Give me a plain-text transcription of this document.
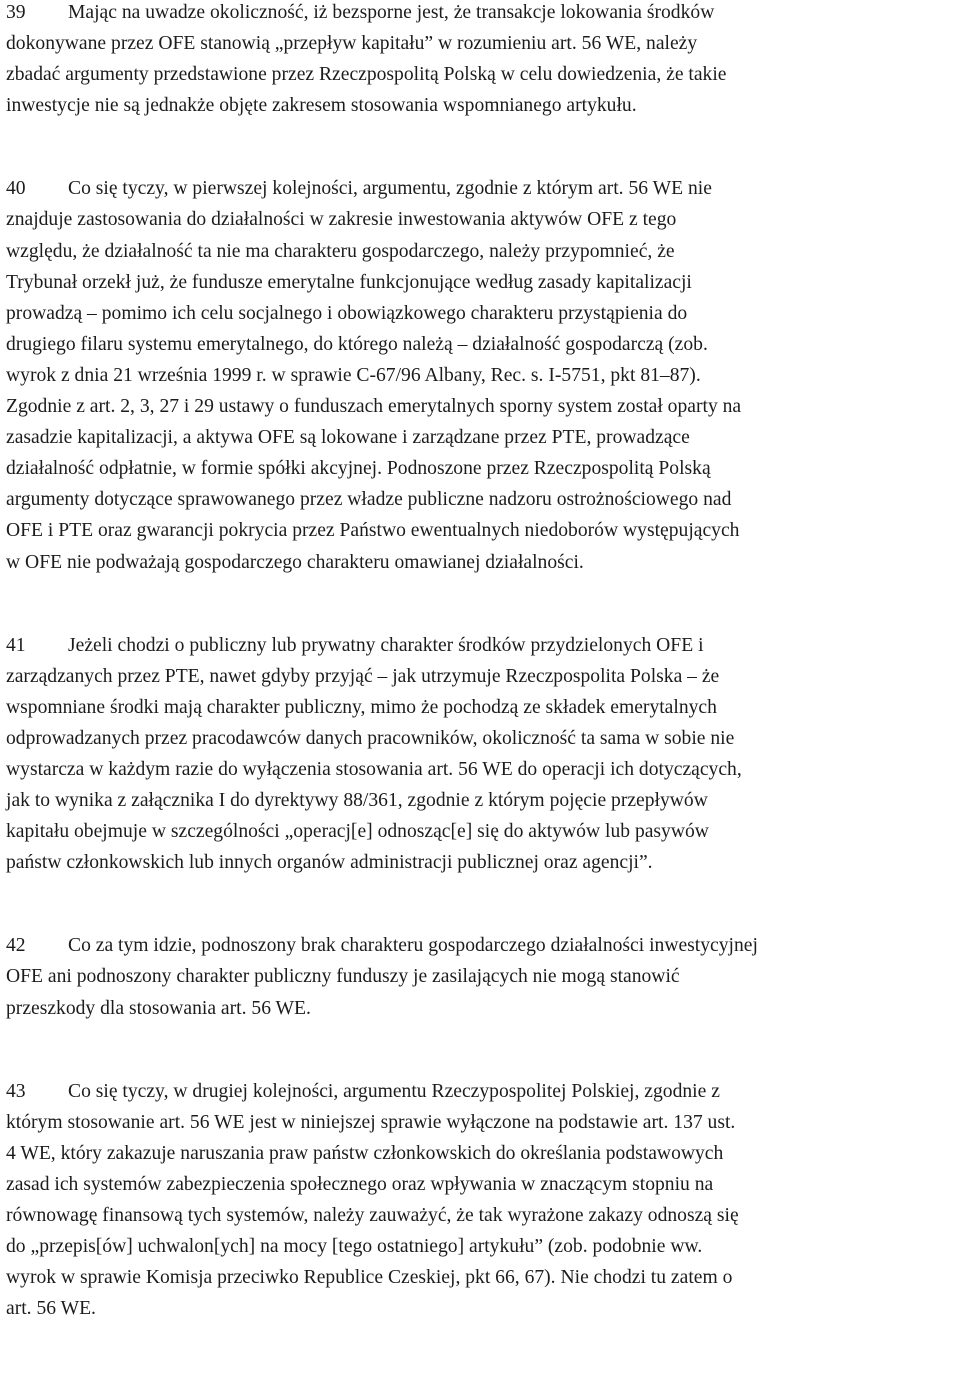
39 Mając na uwadze okoliczność, iż bezsporne jest, że transakcje lokowania środków
dokonywane przez OFE stanowią „przepływ kapitału” w rozumieniu art. 56 WE, należy
zbadać argumenty przedstawione przez Rzeczpospolitą Polską w celu dowiedzenia, że takie
inwestycje nie są jednakże objęte zakresem stosowania wspomnianego artykułu.
40 Co się tyczy, w pierwszej kolejności, argumentu, zgodnie z którym art. 56 WE nie
znajduje zastosowania do działalności w zakresie inwestowania aktywów OFE z tego
względu, że działalność ta nie ma charakteru gospodarczego, należy przypomnieć, że
Trybunał orzekł już, że fundusze emerytalne funkcjonujące według zasady kapitalizacji
prowadzą – pomimo ich celu socjalnego i obowiązkowego charakteru przystąpienia do
drugiego filaru systemu emerytalnego, do którego należą – działalność gospodarczą (zob.
wyrok z dnia 21 września 1999 r. w sprawie C‑67/96 Albany, Rec. s. I‑5751, pkt 81–87).
Zgodnie z art. 2, 3, 27 i 29 ustawy o funduszach emerytalnych sporny system został oparty na
zasadzie kapitalizacji, a aktywa OFE są lokowane i zarządzane przez PTE, prowadzące
działalność odpłatnie, w formie spółki akcyjnej. Podnoszone przez Rzeczpospolitą Polską
argumenty dotyczące sprawowanego przez władze publiczne nadzoru ostrożnościowego nad
OFE i PTE oraz gwarancji pokrycia przez Państwo ewentualnych niedoborów występujących
w OFE nie podważają gospodarczego charakteru omawianej działalności.
41 Jeżeli chodzi o publiczny lub prywatny charakter środków przydzielonych OFE i
zarządzanych przez PTE, nawet gdyby przyjąć – jak utrzymuje Rzeczpospolita Polska – że
wspomniane środki mają charakter publiczny, mimo że pochodzą ze składek emerytalnych
odprowadzanych przez pracodawców danych pracowników, okoliczność ta sama w sobie nie
wystarcza w każdym razie do wyłączenia stosowania art. 56 WE do operacji ich dotyczących,
jak to wynika z załącznika I do dyrektywy 88/361, zgodnie z którym pojęcie przepływów
kapitału obejmuje w szczególności „operacj[e] odnosząc[e] się do aktywów lub pasywów
państw członkowskich lub innych organów administracji publicznej oraz agencji”.
42 Co za tym idzie, podnoszony brak charakteru gospodarczego działalności inwestycyjnej
OFE ani podnoszony charakter publiczny funduszy je zasilających nie mogą stanowić
przeszkody dla stosowania art. 56 WE.
43 Co się tyczy, w drugiej kolejności, argumentu Rzeczypospolitej Polskiej, zgodnie z
którym stosowanie art. 56 WE jest w niniejszej sprawie wyłączone na podstawie art. 137 ust.
4 WE, który zakazuje naruszania praw państw członkowskich do określania podstawowych
zasad ich systemów zabezpieczenia społecznego oraz wpływania w znaczącym stopniu na
równowagę finansową tych systemów, należy zauważyć, że tak wyrażone zakazy odnoszą się
do „przepis[ów] uchwalon[ych] na mocy [tego ostatniego] artykułu” (zob. podobnie ww.
wyrok w sprawie Komisja przeciwko Republice Czeskiej, pkt 66, 67). Nie chodzi tu zatem o
art. 56 WE.
